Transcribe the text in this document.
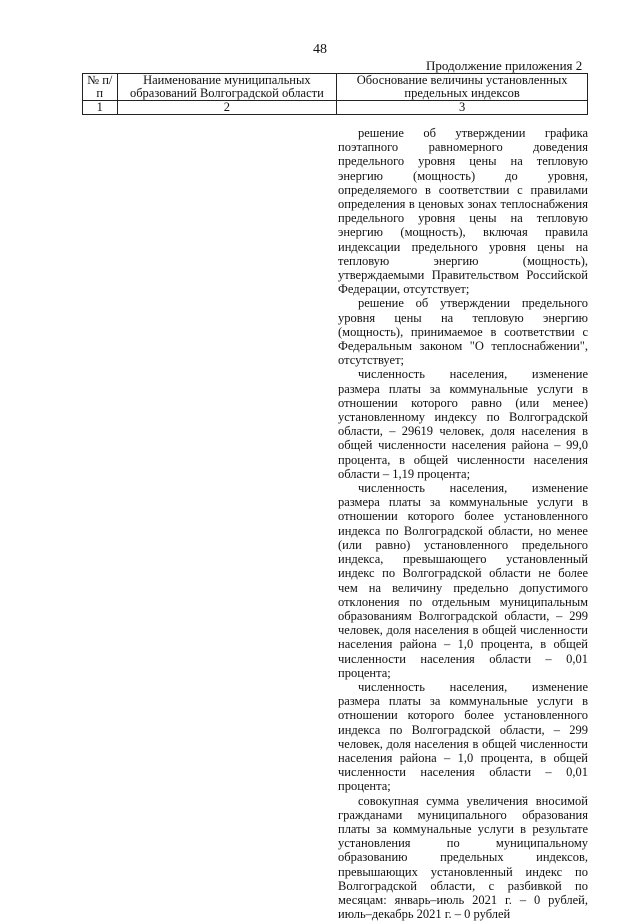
48
Продолжение приложения 2
№ п/п	Наименование муниципальных образований Волгоградской области	Обоснование величины установленных предельных индексов
1	2	3

решение об утверждении графика поэтапного равномерного доведения предельного уровня цены на тепловую энергию (мощность) до уровня, определяемого в соответствии с правилами определения в ценовых зонах теплоснабжения предельного уровня цены на тепловую энергию (мощность), включая правила индексации предельного уровня цены на тепловую энергию (мощность), утверждаемыми Правительством Российской Федерации, отсутствует;

решение об утверждении предельного уровня цены на тепловую энергию (мощность), принимаемое в соответствии с Федеральным законом "О теплоснабжении", отсутствует;

численность населения, изменение размера платы за коммунальные услуги в отношении которого равно (или менее) установленному индексу по Волгоградской области, – 29619 человек, доля населения в общей численности населения района – 99,0 процента, в общей численности населения области – 1,19 процента;

численность населения, изменение размера платы за коммунальные услуги в отношении которого более установленного индекса по Волгоградской области, но менее (или равно) установленного предельного индекса, превышающего установленный индекс по Волгоградской области не более чем на величину предельно допустимого отклонения по отдельным муниципальным образованиям Волгоградской области, – 299 человек, доля населения в общей численности населения района – 1,0 процента, в общей численности населения области – 0,01 процента;

численность населения, изменение размера платы за коммунальные услуги в отношении которого более установленного индекса по Волгоградской области, – 299 человек, доля населения в общей численности населения района – 1,0 процента, в общей численности населения области – 0,01 процента;

совокупная сумма увеличения вносимой гражданами муниципального образования платы за коммунальные услуги в результате установления по муниципальному образованию предельных индексов, превышающих установленный индекс по Волгоградской области, с разбивкой по месяцам: январь–июль 2021 г. – 0 рублей, июль–декабрь 2021 г. – 0 рублей
